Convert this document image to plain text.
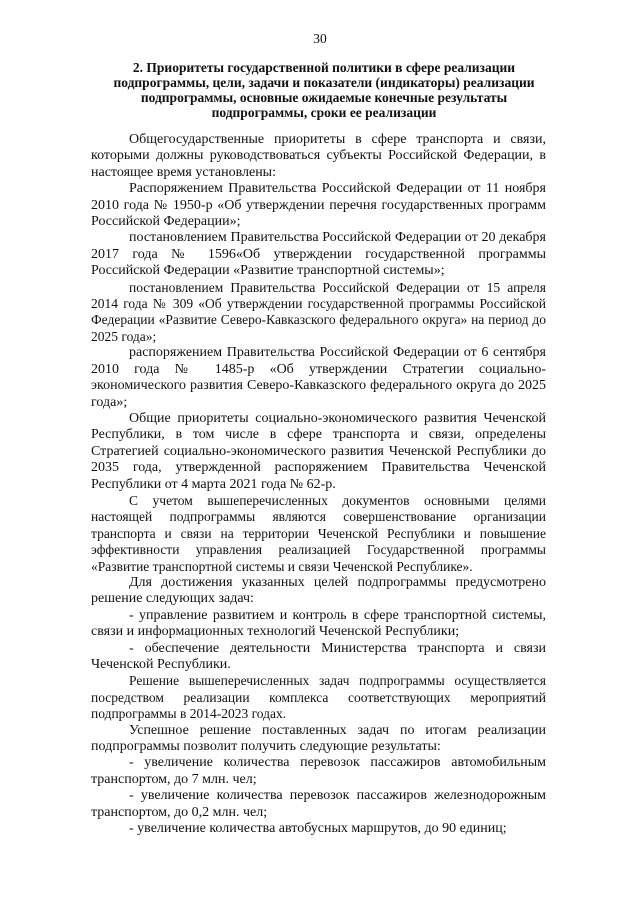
30
2. Приоритеты государственной политики в сфере реализации подпрограммы, цели, задачи и показатели (индикаторы) реализации подпрограммы, основные ожидаемые конечные результаты подпрограммы, сроки ее реализации

Общегосударственные приоритеты в сфере транспорта и связи, которыми должны руководствоваться субъекты Российской Федерации, в настоящее время установлены:

Распоряжением Правительства Российской Федерации от 11 ноября 2010 года № 1950-р «Об утверждении перечня государственных программ Российской Федерации»;

постановлением Правительства Российской Федерации от 20 декабря 2017 года № 1596«Об утверждении государственной программы Российской Федерации «Развитие транспортной системы»;

постановлением Правительства Российской Федерации от 15 апреля 2014 года № 309 «Об утверждении государственной программы Российской Федерации «Развитие Северо-Кавказского федерального округа» на период до 2025 года»;

распоряжением Правительства Российской Федерации от 6 сентября 2010 года № 1485-р «Об утверждении Стратегии социально-экономического развития Северо-Кавказского федерального округа до 2025 года»;

Общие приоритеты социально-экономического развития Чеченской Республики, в том числе в сфере транспорта и связи, определены Стратегией социально-экономического развития Чеченской Республики до 2035 года, утвержденной распоряжением Правительства Чеченской Республики от 4 марта 2021 года № 62-р.

С учетом вышеперечисленных документов основными целями настоящей подпрограммы являются совершенствование организации транспорта и связи на территории Чеченской Республики и повышение эффективности управления реализацией Государственной программы «Развитие транспортной системы и связи Чеченской Республике».

Для достижения указанных целей подпрограммы предусмотрено решение следующих задач:

- управление развитием и контроль в сфере транспортной системы, связи и информационных технологий Чеченской Республики;

- обеспечение деятельности Министерства транспорта и связи Чеченской Республики.

Решение вышеперечисленных задач подпрограммы осуществляется посредством реализации комплекса соответствующих мероприятий подпрограммы в 2014-2023 годах.

Успешное решение поставленных задач по итогам реализации подпрограммы позволит получить следующие результаты:

- увеличение количества перевозок пассажиров автомобильным транспортом, до 7 млн. чел;

- увеличение количества перевозок пассажиров железнодорожным транспортом, до 0,2 млн. чел;

- увеличение количества автобусных маршрутов, до 90 единиц;
